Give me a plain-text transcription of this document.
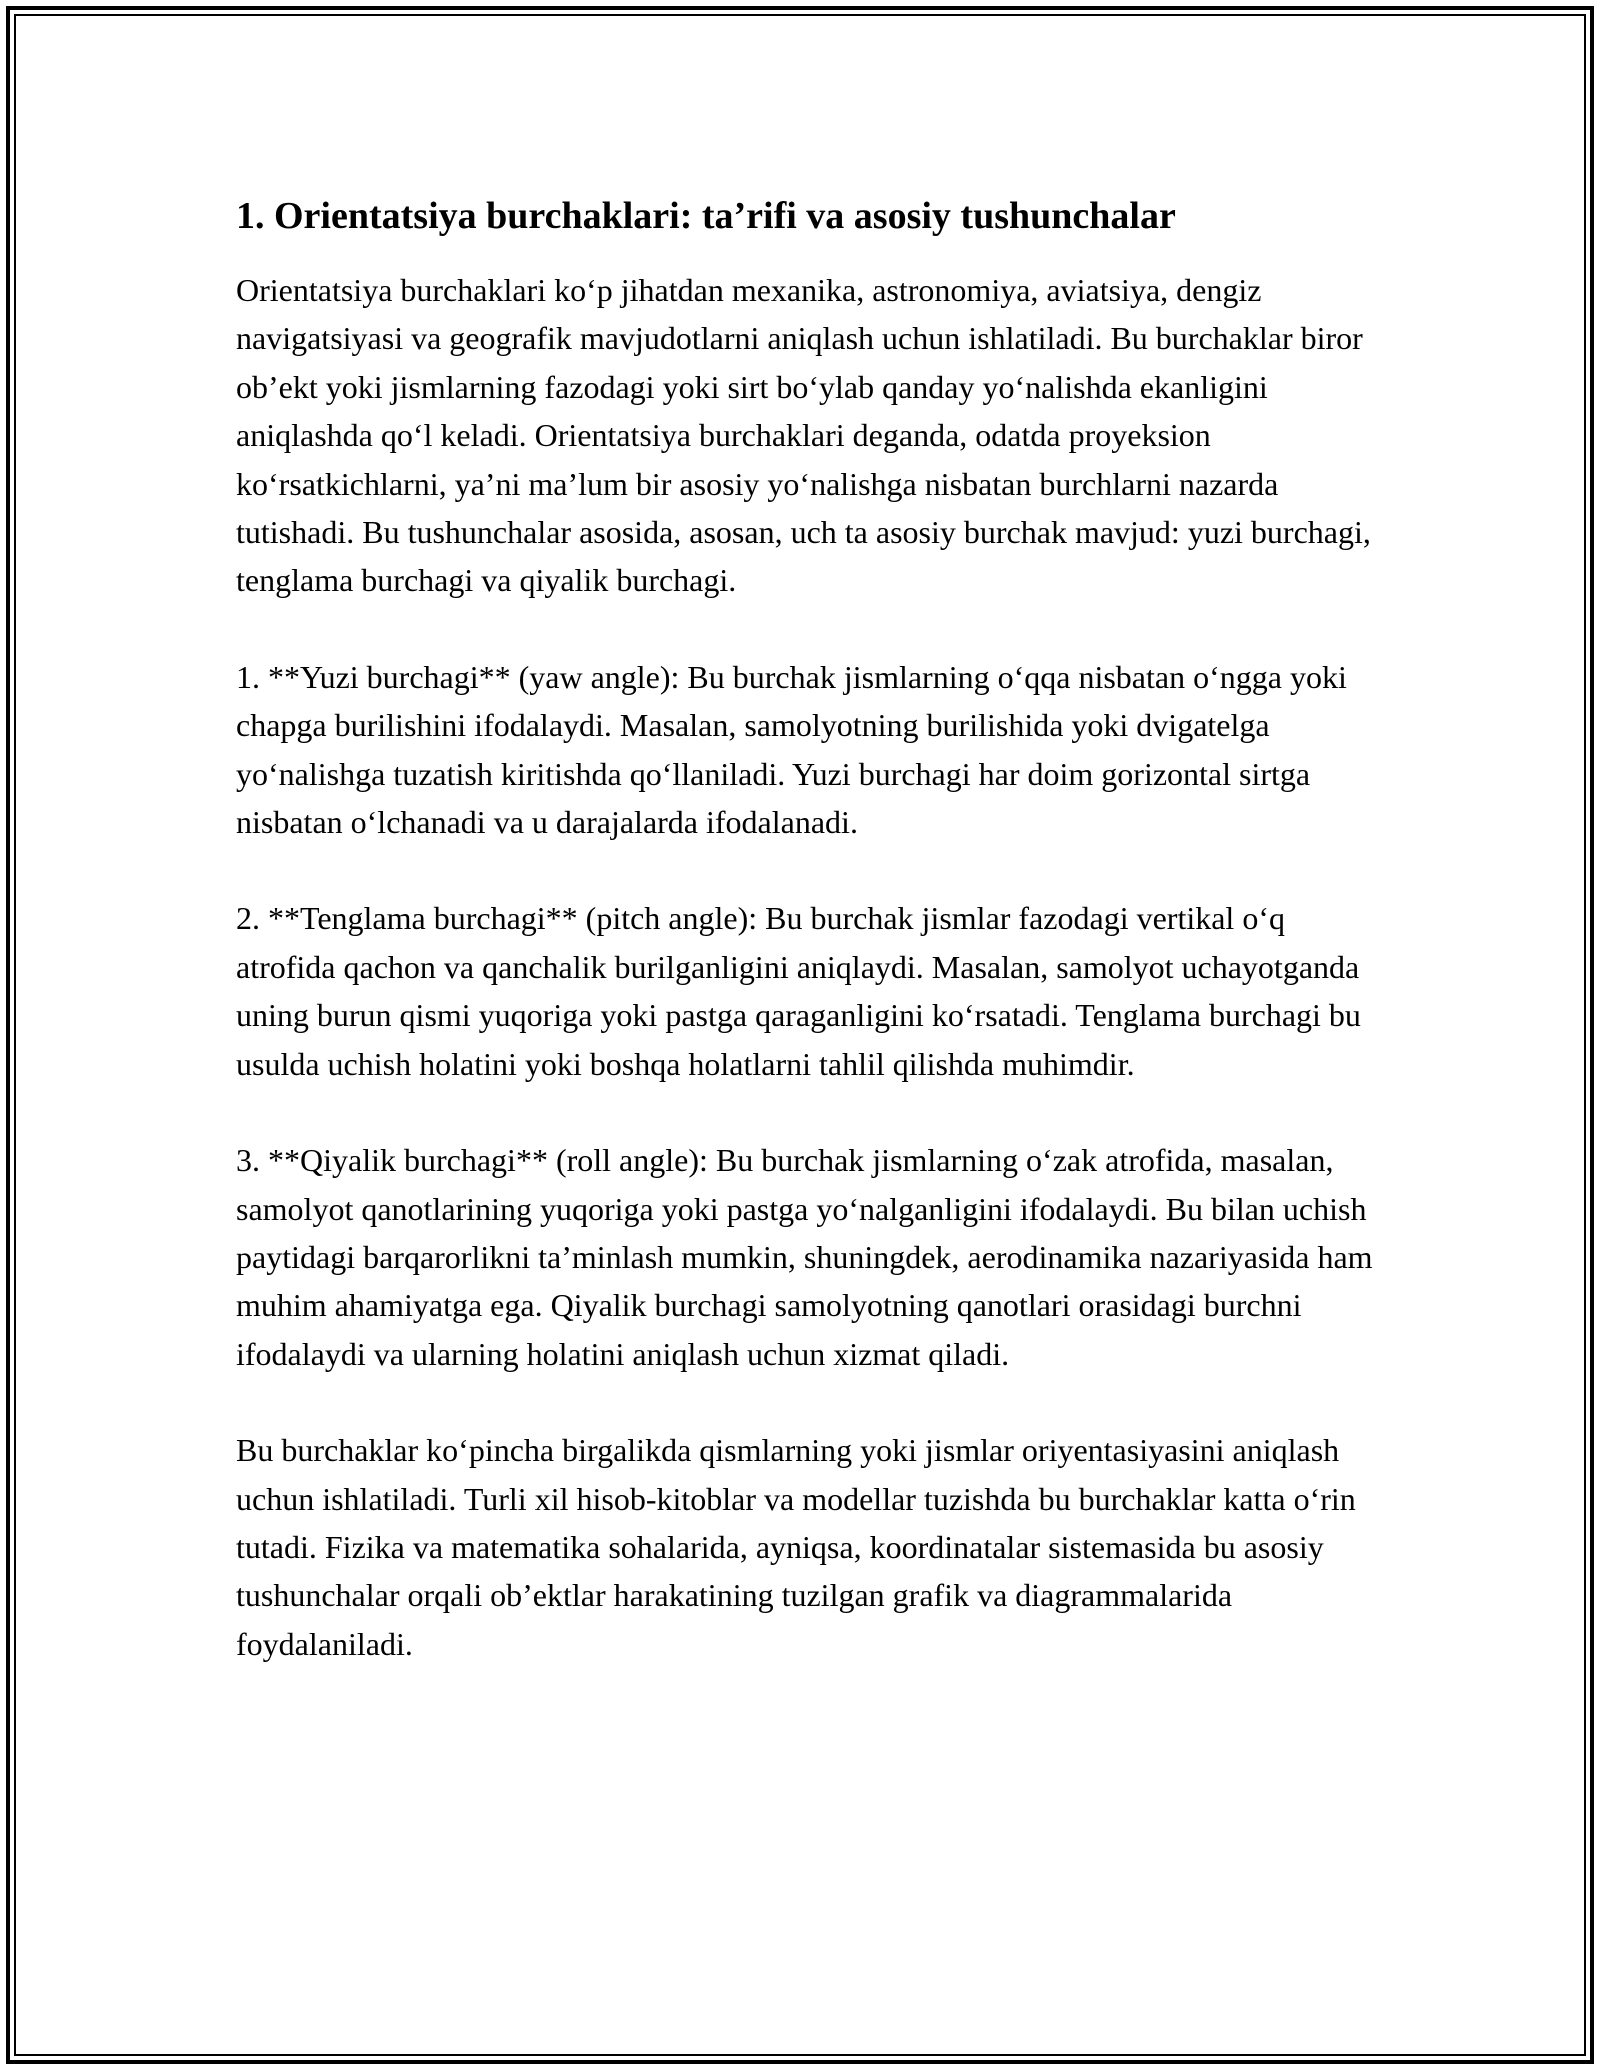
1. Orientatsiya burchaklari: ta’rifi va asosiy tushunchalar

Orientatsiya burchaklari ko‘p jihatdan mexanika, astronomiya, aviatsiya, dengiz navigatsiyasi va geografik mavjudotlarni aniqlash uchun ishlatiladi. Bu burchaklar biror ob’ekt yoki jismlarning fazodagi yoki sirt bo‘ylab qanday yo‘nalishda ekanligini aniqlashda qo‘l keladi. Orientatsiya burchaklari deganda, odatda proyeksion ko‘rsatkichlarni, ya’ni ma’lum bir asosiy yo‘nalishga nisbatan burchlarni nazarda tutishadi. Bu tushunchalar asosida, asosan, uch ta asosiy burchak mavjud: yuzi burchagi, tenglama burchagi va qiyalik burchagi.

1. **Yuzi burchagi** (yaw angle): Bu burchak jismlarning o‘qqa nisbatan o‘ngga yoki chapga burilishini ifodalaydi. Masalan, samolyotning burilishida yoki dvigatelga yo‘nalishga tuzatish kiritishda qo‘llaniladi. Yuzi burchagi har doim gorizontal sirtga nisbatan o‘lchanadi va u darajalarda ifodalanadi.

2. **Tenglama burchagi** (pitch angle): Bu burchak jismlar fazodagi vertikal o‘q atrofida qachon va qanchalik burilganligini aniqlaydi. Masalan, samolyot uchayotganda uning burun qismi yuqoriga yoki pastga qaraganligini ko‘rsatadi. Tenglama burchagi bu usulda uchish holatini yoki boshqa holatlarni tahlil qilishda muhimdir.

3. **Qiyalik burchagi** (roll angle): Bu burchak jismlarning o‘zak atrofida, masalan, samolyot qanotlarining yuqoriga yoki pastga yo‘nalganligini ifodalaydi. Bu bilan uchish paytidagi barqarorlikni ta’minlash mumkin, shuningdek, aerodinamika nazariyasida ham muhim ahamiyatga ega. Qiyalik burchagi samolyotning qanotlari orasidagi burchni ifodalaydi va ularning holatini aniqlash uchun xizmat qiladi.

Bu burchaklar ko‘pincha birgalikda qismlarning yoki jismlar oriyentasiyasini aniqlash uchun ishlatiladi. Turli xil hisob-kitoblar va modellar tuzishda bu burchaklar katta o‘rin tutadi. Fizika va matematika sohalarida, ayniqsa, koordinatalar sistemasida bu asosiy tushunchalar orqali ob’ektlar harakatining tuzilgan grafik va diagrammalarida foydalaniladi.
